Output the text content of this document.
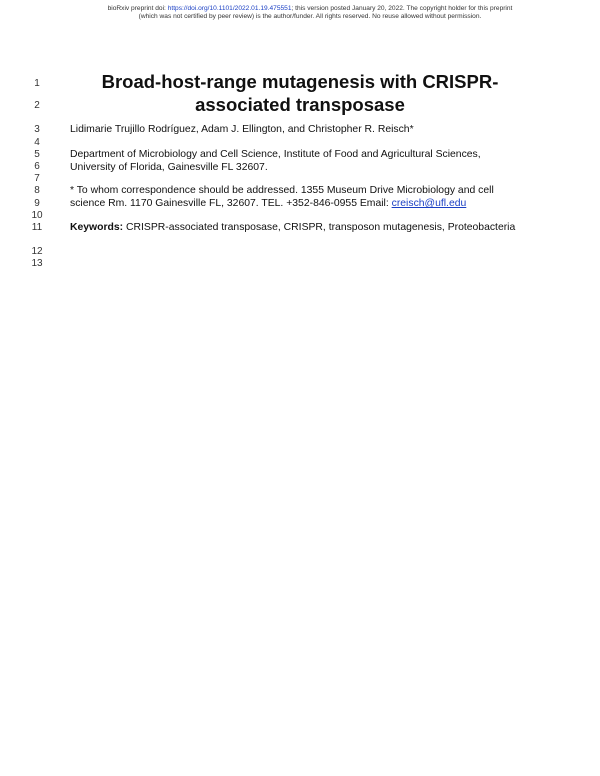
bioRxiv preprint doi: https://doi.org/10.1101/2022.01.19.475551; this version posted January 20, 2022. The copyright holder for this preprint
(which was not certified by peer review) is the author/funder. All rights reserved. No reuse allowed without permission.
1
2
3
4
5
6
7
8
9
10
11
12
13
Broad-host-range mutagenesis with CRISPR-
associated transposase
Lidimarie Trujillo Rodríguez, Adam J. Ellington, and Christopher R. Reisch*
Department of Microbiology and Cell Science, Institute of Food and Agricultural Sciences,
University of Florida, Gainesville FL 32607.
* To whom correspondence should be addressed. 1355 Museum Drive Microbiology and cell
science Rm. 1170 Gainesville FL, 32607. TEL. +352-846-0955 Email: creisch@ufl.edu
Keywords: CRISPR-associated transposase, CRISPR, transposon mutagenesis, Proteobacteria
